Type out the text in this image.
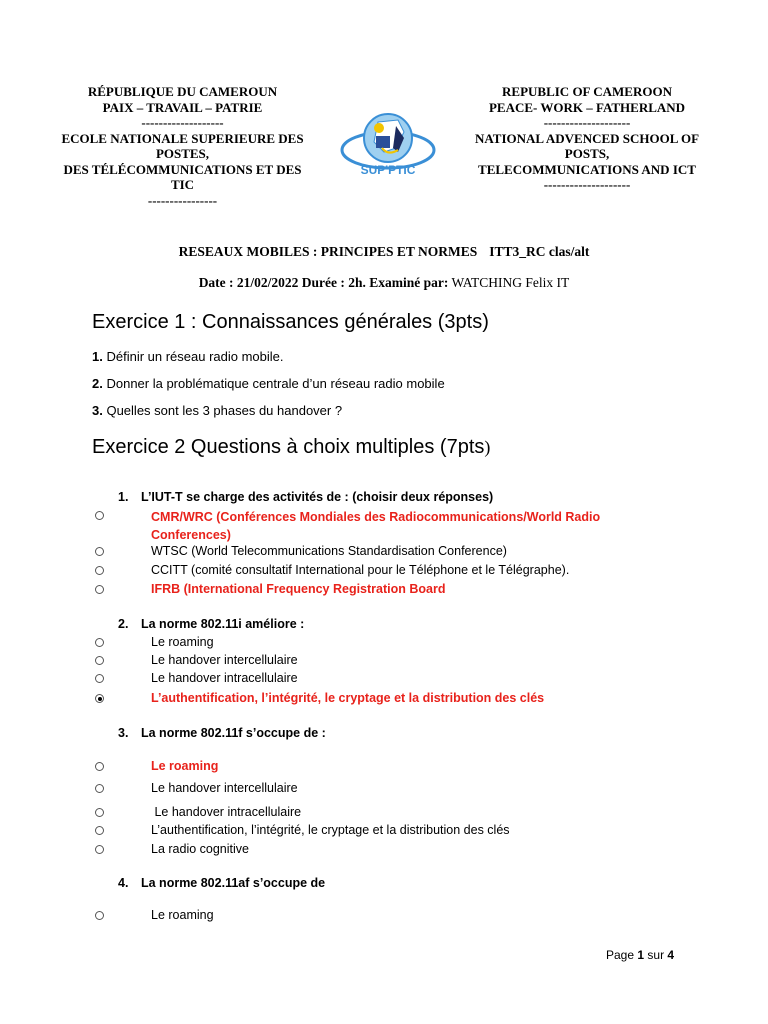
RÉPUBLIQUE DU CAMEROUN
PAIX – TRAVAIL – PATRIE
-------------------
ECOLE NATIONALE SUPERIEURE DES
POSTES,
DES TÉLÉCOMMUNICATIONS ET DES
TIC
----------------
SUP'PTIC
REPUBLIC OF CAMEROON
PEACE- WORK – FATHERLAND
--------------------
NATIONAL ADVENCED SCHOOL OF
POSTS,
TELECOMMUNICATIONS AND ICT
--------------------
RESEAUX MOBILES : PRINCIPES ET NORMES ITT3_RC clas/alt
Date : 21/02/2022 Durée : 2h. Examiné par: WATCHING Felix IT
Exercice 1 : Connaissances générales (3pts)
1. Définir un réseau radio mobile.
2. Donner la problématique centrale d’un réseau radio mobile
3. Quelles sont les 3 phases du handover ?
Exercice 2 Questions à choix multiples (7pts)
1. L’IUT-T se charge des activités de : (choisir deux réponses)
CMR/WRC (Conférences Mondiales des Radiocommunications/World Radio Conferences)
WTSC (World Telecommunications Standardisation Conference)
CCITT (comité consultatif International pour le Téléphone et le Télégraphe).
IFRB (International Frequency Registration Board
2. La norme 802.11i améliore :
Le roaming
Le handover intercellulaire
Le handover intracellulaire
L’authentification, l’intégrité, le cryptage et la distribution des clés
3. La norme 802.11f s’occupe de :
Le roaming
Le handover intercellulaire
Le handover intracellulaire
L’authentification, l’intégrité, le cryptage et la distribution des clés
La radio cognitive
4. La norme 802.11af s’occupe de
Le roaming
Page 1 sur 4
